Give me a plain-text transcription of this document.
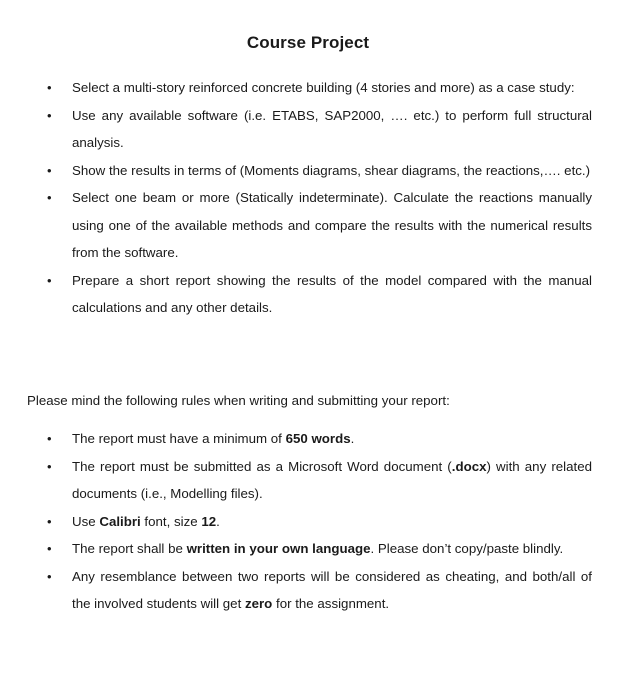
Course Project
• Select a multi-story reinforced concrete building (4 stories and more) as a case study:
• Use any available software (i.e. ETABS, SAP2000, …. etc.) to perform full structural analysis.
• Show the results in terms of (Moments diagrams, shear diagrams, the reactions,…. etc.)
• Select one beam or more (Statically indeterminate). Calculate the reactions manually using one of the available methods and compare the results with the numerical results from the software.
• Prepare a short report showing the results of the model compared with the manual calculations and any other details.
Please mind the following rules when writing and submitting your report:
• The report must have a minimum of 650 words.
• The report must be submitted as a Microsoft Word document (.docx) with any related documents (i.e., Modelling files).
• Use Calibri font, size 12.
• The report shall be written in your own language. Please don’t copy/paste blindly.
• Any resemblance between two reports will be considered as cheating, and both/all of the involved students will get zero for the assignment.
